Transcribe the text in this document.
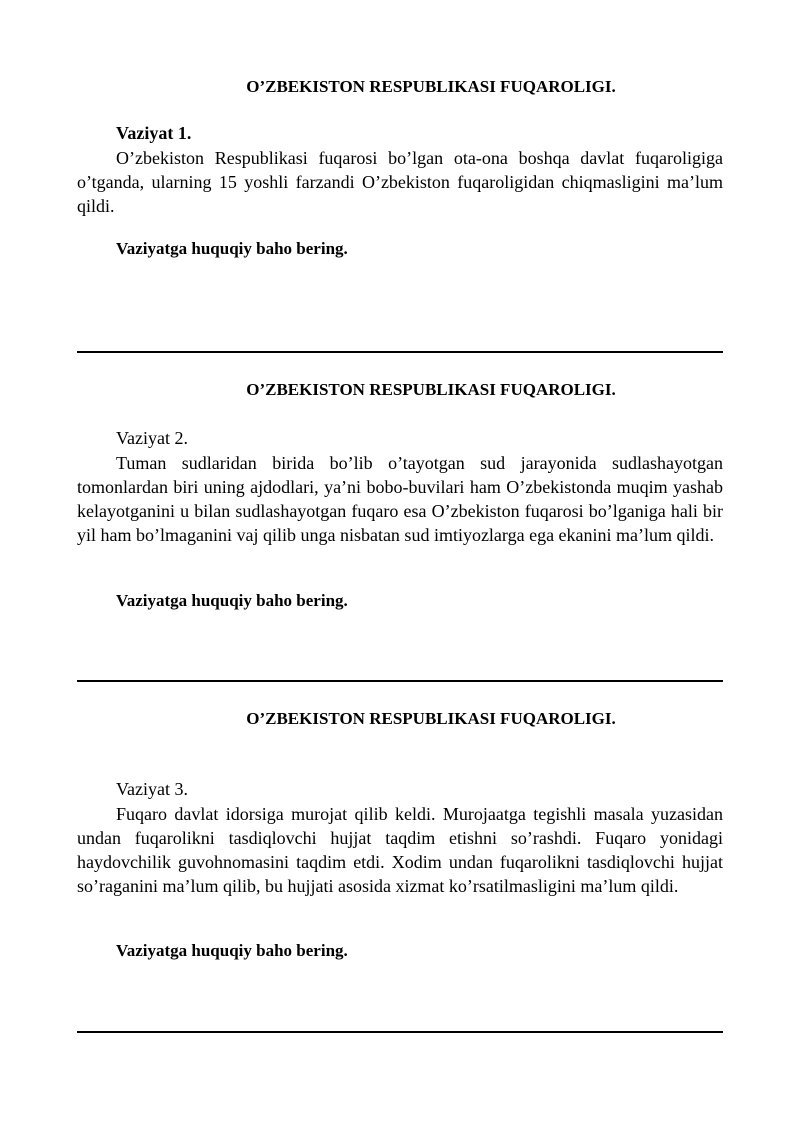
O’ZBEKISTON RESPUBLIKASI FUQAROLIGI.
Vaziyat 1.
O’zbekiston Respublikasi fuqarosi bo’lgan ota-ona boshqa davlat fuqaroligiga o’tganda, ularning 15 yoshli farzandi O’zbekiston fuqaroligidan chiqmasligini ma’lum qildi.
Vaziyatga huquqiy baho bering.
O’ZBEKISTON RESPUBLIKASI FUQAROLIGI.
Vaziyat 2.
Tuman sudlaridan birida bo’lib o’tayotgan sud jarayonida sudlashayotgan tomonlardan biri uning ajdodlari, ya’ni bobo-buvilari ham O’zbekistonda muqim yashab kelayotganini u bilan sudlashayotgan fuqaro esa O’zbekiston fuqarosi bo’lganiga hali bir yil ham bo’lmaganini vaj qilib unga nisbatan sud imtiyozlarga ega ekanini ma’lum qildi.
Vaziyatga huquqiy baho bering.
O’ZBEKISTON RESPUBLIKASI FUQAROLIGI.
Vaziyat 3.
Fuqaro davlat idorsiga murojat qilib keldi. Murojaatga tegishli masala yuzasidan undan fuqarolikni tasdiqlovchi hujjat taqdim etishni so’rashdi. Fuqaro yonidagi haydovchilik guvohnomasini taqdim etdi. Xodim undan fuqarolikni tasdiqlovchi hujjat so’raganini ma’lum qilib, bu hujjati asosida xizmat ko’rsatilmasligini ma’lum qildi.
Vaziyatga huquqiy baho bering.
